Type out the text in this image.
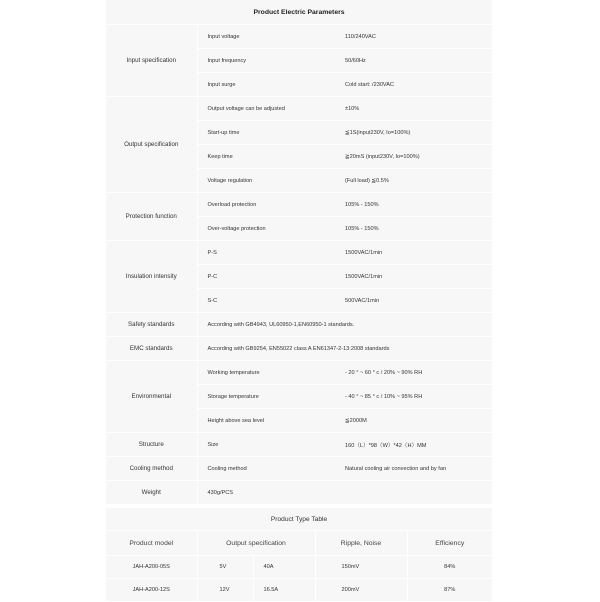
Product Electric Parameters		
Input specification	Input voltage	110/240VAC
	Input frequency	50/60Hz
	Input surge	Cold start: /230VAC
Output specification	Output voltage can be adjusted	±10%
	Start-up time	≦1S(input230V, Io=100%)
	Keep time	≧20mS (input230V, Io=100%)
	Voltage regulation	(Full load) ≦0.5%
Protection function	Overload protection	105% - 150%
	Over-voltage protection	105% - 150%
Insulation intensity	P-S	1500VAC/1min
	P-C	1500VAC/1min
	S-C	500VAC/1min
Safety standards	According with GB4943, UL60950-1,EN60950-1 standards.	
EMC standards	According with GB9254, EN55022 class A EN61347-2-13:2008 standards	
Environmental	Working temperature	- 20 ° ~ 60 ° c / 20% ~ 90% RH
	Storage temperature	- 40 ° ~ 85 ° c / 10% ~ 95% RH
	Height above sea level	≦2000M
Structure	Size	160（L）*98（W）*42（H）MM
Cooling method	Cooling method	Natural cooling air convection and by fan
Weight	430g/PCS	
Product Type Table				
Product model	Output specification		Ripple, Noise	Efficiency
JAH-A200-05S	5V	40A	150mV	84%
JAH-A200-12S	12V	16.5A	200mV	87%
